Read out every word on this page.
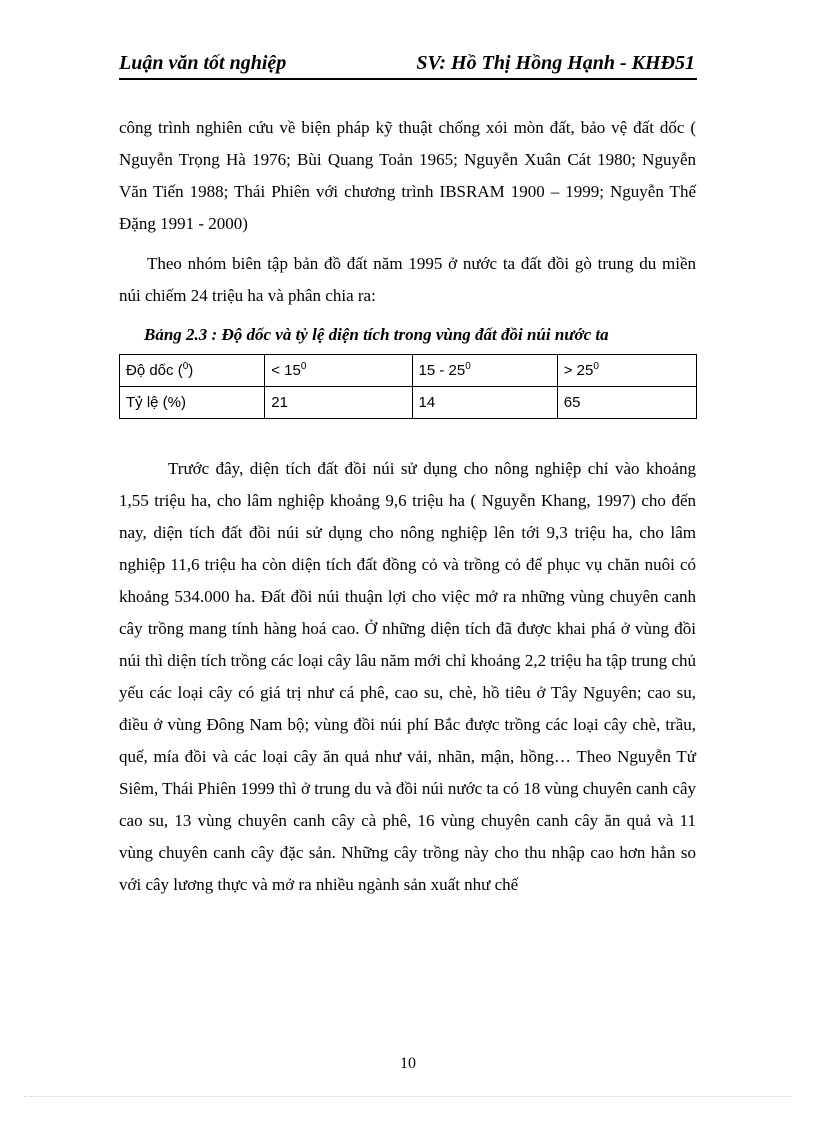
Luận văn tốt nghiệp	SV: Hồ Thị Hồng Hạnh - KHĐ51
công trình nghiên cứu về biện pháp kỹ thuật chống xói mòn đất, bảo vệ đất dốc ( Nguyễn Trọng Hà 1976; Bùi Quang Toản 1965; Nguyễn Xuân Cát 1980; Nguyễn Văn Tiến 1988; Thái Phiên với chương trình IBSRAM 1900 – 1999; Nguyễn Thế Đặng 1991 - 2000)
Theo nhóm biên tập bản đồ đất năm 1995 ở nước ta đất đồi gò trung du miền núi chiếm 24 triệu ha và phân chia ra:
Bảng 2.3 : Độ dốc và tỷ lệ diện tích trong vùng đất đồi núi nước ta
Độ dốc ($^0$)	< $15^0$	$15 - 25^0$	> $25^0$
Tỷ lệ (%)	21	14	65
Trước đây, diện tích đất đồi núi sử dụng cho nông nghiệp chỉ vào khoảng 1,55 triệu ha, cho lâm nghiệp khoảng 9,6 triệu ha ( Nguyễn Khang, 1997) cho đến nay, diện tích đất đồi núi sử dụng cho nông nghiệp lên tới 9,3 triệu ha, cho lâm nghiệp 11,6 triệu ha còn diện tích đất đồng cỏ và trồng cỏ để phục vụ chăn nuôi có khoảng 534.000 ha. Đất đồi núi thuận lợi cho việc mở ra những vùng chuyên canh cây trồng mang tính hàng hoá cao. Ở những diện tích đã được khai phá ở vùng đồi núi thì diện tích trồng các loại cây lâu năm mới chỉ khoảng 2,2 triệu ha tập trung chủ yếu các loại cây có giá trị như cá phê, cao su, chè, hồ tiêu ở Tây Nguyên; cao su, điều ở vùng Đông Nam bộ; vùng đồi núi phí Bắc được trồng các loại cây chè, trầu, quế, mía đồi và các loại cây ăn quả như vải, nhãn, mận, hồng… Theo Nguyễn Tử Siêm, Thái Phiên 1999 thì ở trung du và đồi núi nước ta có 18 vùng chuyên canh cây cao su, 13 vùng chuyên canh cây cà phê, 16 vùng chuyên canh cây ăn quả và 11 vùng chuyên canh cây đặc sản. Những cây trồng này cho thu nhập cao hơn hẳn so với cây lương thực và mở ra nhiều ngành sản xuất như chế
10
